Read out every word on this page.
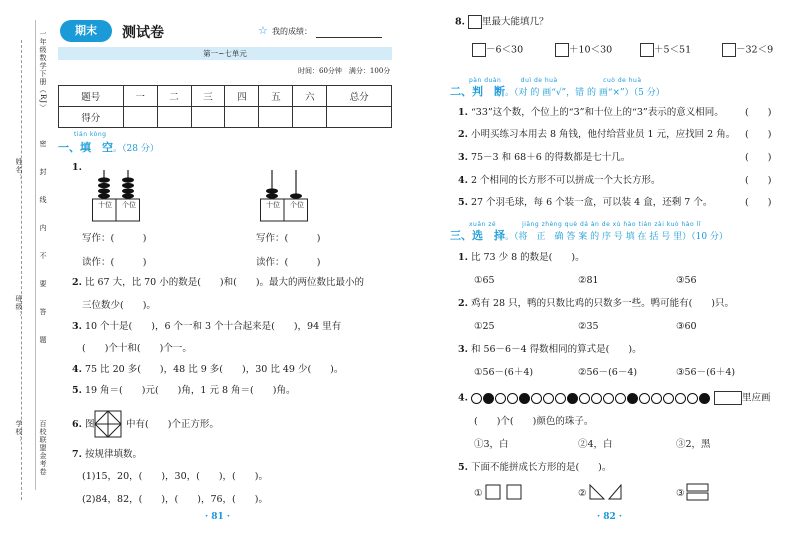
姓名：
班级：
学校：
一年级数学下册（RJ）
百校联盟金考卷
密
封
线
内
不
要
答
题
期末	测试卷	☆ 我的成绩：
第一~七单元
时间：60分钟　满分：100分
题号	一	二	三	四	五	六	总分
得分							
tián kòng
一、填　空。（28 分）
1.
十位 个位	十位 个位
写作：(　　　)	写作：(　　　)
读作：(　　　)	读作：(　　　)
2. 比 67 大，比 70 小的数是(　　)和(　　)。最大的两位数比最小的
三位数少(　　)。
3. 10 个十是(　　)，6 个一和 3 个十合起来是(　　)，94 里有
(　　)个十和(　　)个一。
4. 75 比 20 多(　　)，48 比 9 多(　　)，30 比 49 少(　　)。
5. 19 角＝(　　)元(　　)角，1 元 8 角＝(　　)角。
6. 图	中有(　　)个正方形。
7. 按规律填数。
(1)15，20，(　　)，30，(　　)，(　　)。
(2)84，82，(　　)，(　　)，76，(　　)。
· 81 ·
8. 里最大能填几？
－6＜30	＋10＜30	＋5＜51	－32＜9
pàn duàn　　　duì de huà　　　　　　　cuò de huà
二、判　断。（对 的 画“√”，错 的 画“×”）（5 分）
1. “33”这个数，个位上的“3”和十位上的“3”表示的意义相同。 (　　)
2. 小明买练习本用去 8 角钱，他付给营业员 1 元，应找回 2 角。 (　　)
3. 75－3 和 68＋6 的得数都是七十几。	(　　)
4. 2 个相同的长方形不可以拼成一个大长方形。	(　　)
5. 27 个羽毛球，每 6 个装一盒，可以装 4 盒，还剩 7 个。	(　　)
xuǎn zé　　　　jiāng zhèng què dá àn de xù hào tián zài kuò hào lǐ
三、选　择。（将　正　确 答 案 的 序 号 填 在 括 号 里）（10 分）
1. 比 73 少 8 的数是(　　)。
①65	②81	③56
2. 鸡有 28 只，鸭的只数比鸡的只数多一些。鸭可能有(　　)只。
①25	②35	③60
3. 和 56－6－4 得数相同的算式是(　　)。
①56－(6＋4)	②56－(6－4)	③56－(6＋4)
4.	里应画
(　　)个(　　)颜色的珠子。
①3，白	②4，白	③2，黑
5. 下面不能拼成长方形的是(　　)。
①	②	③
· 82 ·
